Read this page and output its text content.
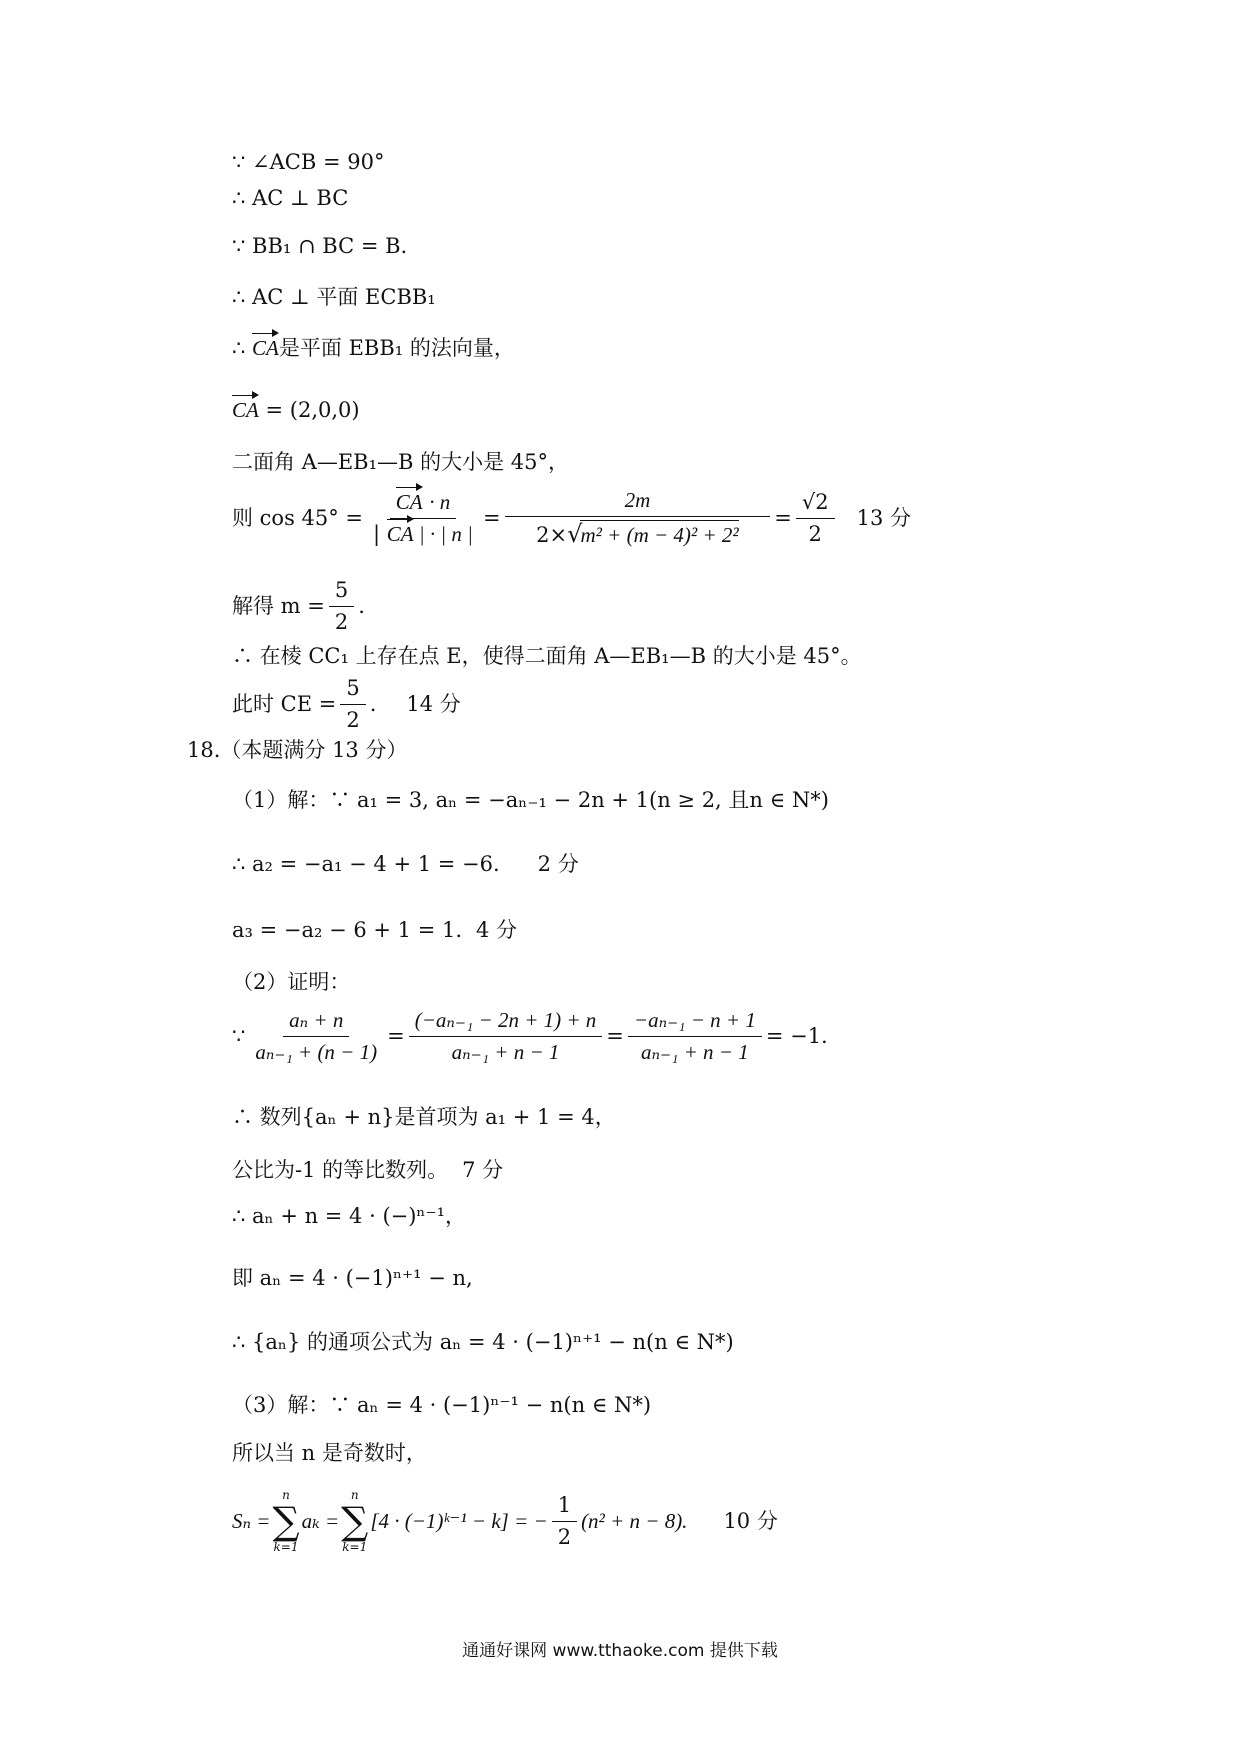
∵ ∠ACB = 90°
∴ AC ⊥ BC
∵ BB₁ ∩ BC = B.
∴ AC ⊥ 平面 ECBB₁
∴ CA是平面 EBB₁ 的法向量，
CA = (2,0,0)
二面角 A—EB₁—B 的大小是 45°，
则 $\cos 45^\circ = \frac{CA \cdot n}{| CA | \cdot | n |} = \frac{2m}{\text{2×√m² + (m − 4)² + 2²}} = \frac{√2}{2} 13$ 分
解得 $m = \frac{5}{2}$ .
∴ 在棱 CC₁ 上存在点 E，使得二面角 A—EB₁—B 的大小是 45°。
此时 CE = $\frac{5}{2}$ . 14 分
18.（本题满分 13 分）
（1）解：∵ a₁ = 3, aₙ = −aₙ₋₁ − 2n + 1(n ≥ 2, 且n ∈ N*)
∴ a₂ = −a₁ − 4 + 1 = −6. 2 分
a₃ = −a₂ − 6 + 1 = 1. 4 分
（2）证明：
∵ $\frac{\text{aₙ + n}}{\text{aₙ₋₁ + (n − 1)}} = \frac{\text{(−aₙ₋₁ − 2n + 1) + n}}{\text{aₙ₋₁ + n − 1}} = \frac{\text{−aₙ₋₁ − n + 1}}{\text{aₙ₋₁ + n − 1}} = -1$.
∴ 数列{aₙ + n}是首项为 a₁ + 1 = 4，
公比为-1 的等比数列。 7 分
∴ aₙ + n = 4 · (−)ⁿ⁻¹，
即 aₙ = 4 · (−1)ⁿ⁺¹ − n,
∴ {aₙ} 的通项公式为 aₙ = 4 · (−1)ⁿ⁺¹ − n(n ∈ N*)
（3）解：∵ aₙ = 4 · (−1)ⁿ⁻¹ − n(n ∈ N*)
所以当 n 是奇数时，
Sₙ =
n
∑
k=1
aₖ =
n
∑
k=1
[4 · (−1)ᵏ⁻¹ − k] = − $\frac{1}{2} (n^2 + n - 8)$. 10 分
通通好课网 www.tthaoke.com 提供下载
